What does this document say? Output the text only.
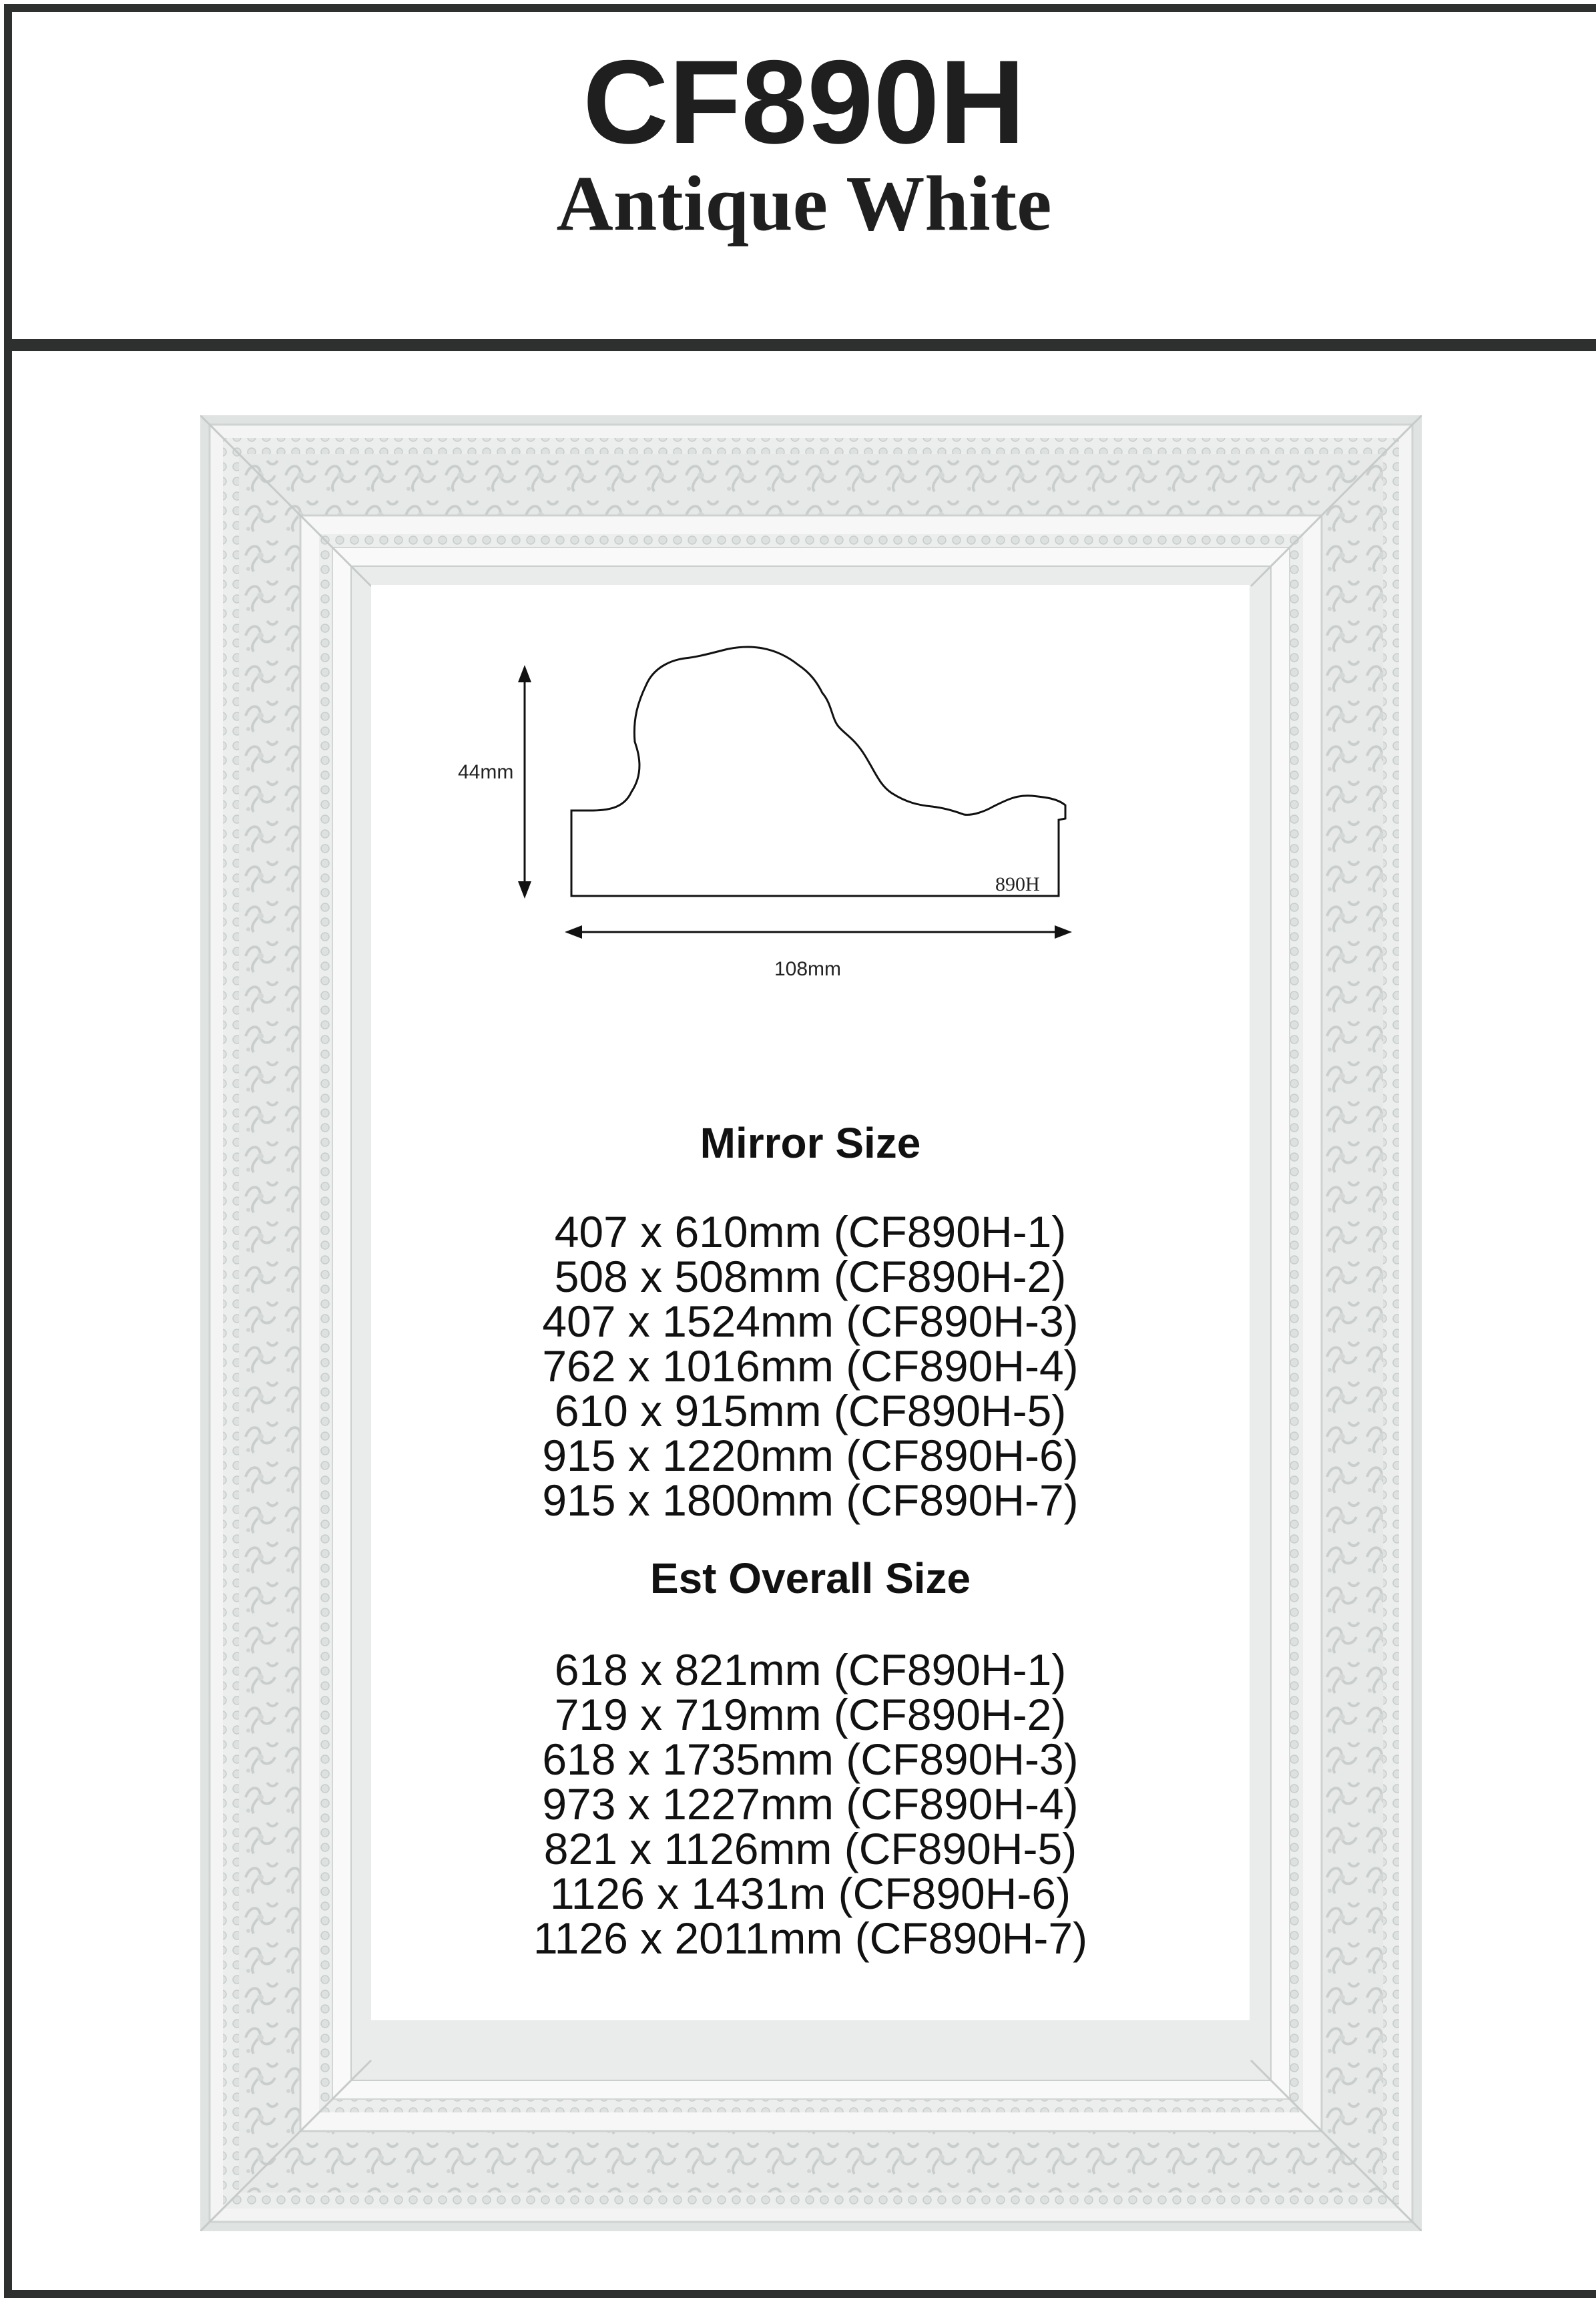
CF890H
Antique White
44mm
890H
108mm
Mirror Size
407 x 610mm (CF890H-1)
508 x 508mm (CF890H-2)
407 x 1524mm (CF890H-3)
762 x 1016mm (CF890H-4)
610 x 915mm (CF890H-5)
915 x 1220mm (CF890H-6)
915 x 1800mm (CF890H-7)
Est Overall Size
618 x 821mm (CF890H-1)
719 x 719mm (CF890H-2)
618 x 1735mm (CF890H-3)
973 x 1227mm (CF890H-4)
821 x 1126mm (CF890H-5)
1126 x 1431m (CF890H-6)
1126 x 2011mm (CF890H-7)
